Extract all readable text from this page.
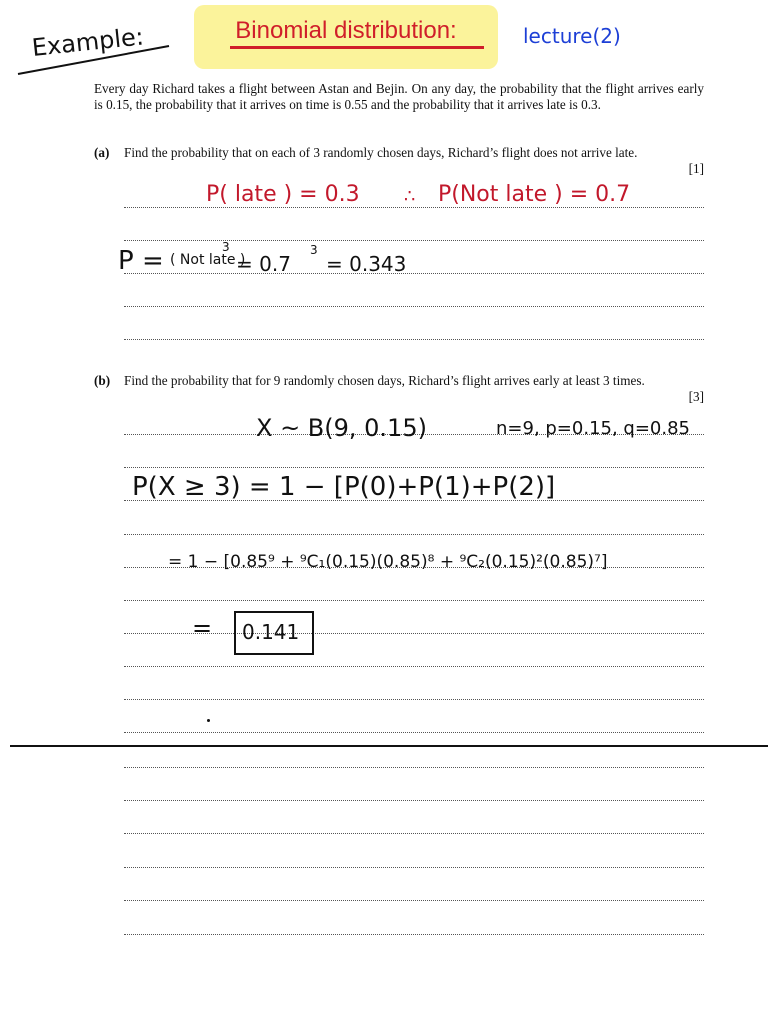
Binomial distribution:
Example:	lecture(2)
Every day Richard takes a flight between Astan and Bejin. On any day, the probability that the flight arrives early is 0.15, the probability that it arrives on time is 0.55 and the probability that it arrives late is 0.3.
(a) Find the probability that on each of 3 randomly chosen days, Richard’s flight does not arrive late.
[1]
P( late ) = 0.3 ∴ P(Not late ) = 0.7
P = ( Not late )
3
= 0.7
3
= 0.343
(b) Find the probability that for 9 randomly chosen days, Richard’s flight arrives early at least 3 times.
[3]
X ~ B(9, 0.15)	n=9, p=0.15, q=0.85
P(X ≥ 3) = 1 − [P(0)+P(1)+P(2)]
= 1 − [0.85⁹ + ⁹C₁(0.15)(0.85)⁸ + ⁹C₂(0.15)²(0.85)⁷]
= 0.141
